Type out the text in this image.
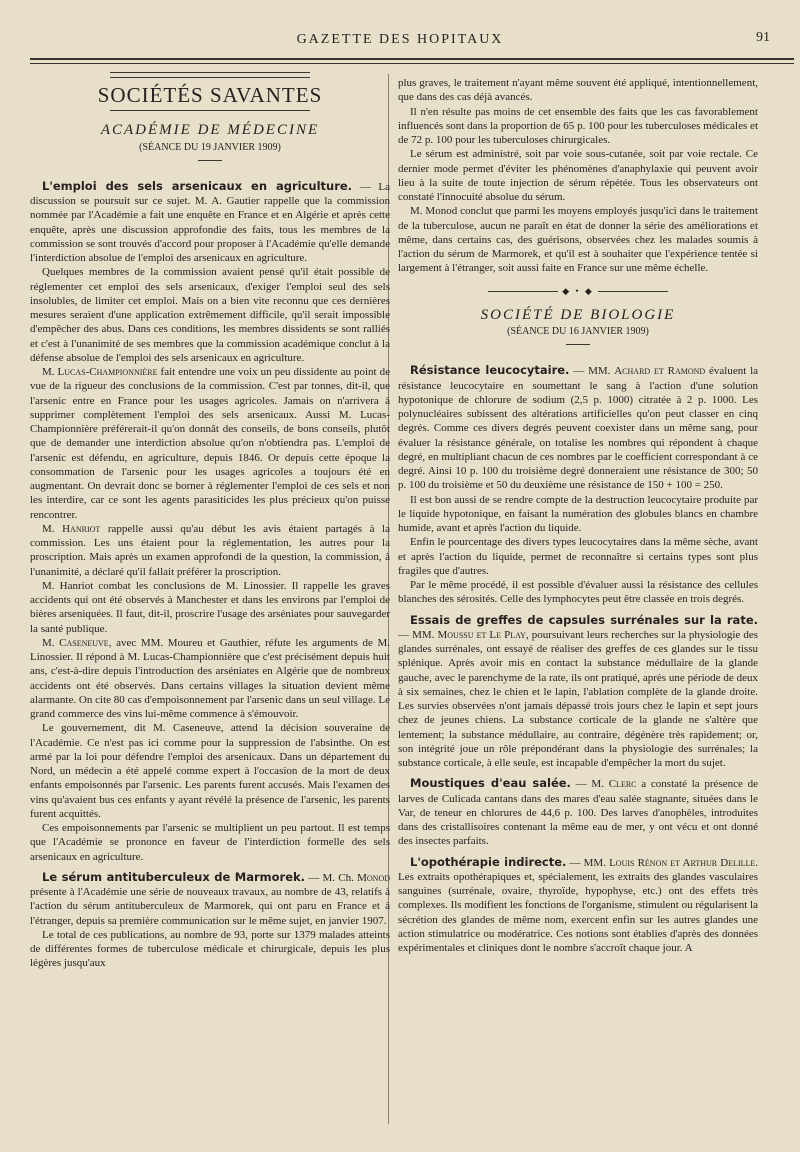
GAZETTE DES HOPITAUX	91
SOCIÉTÉS SAVANTES
ACADÉMIE DE MÉDECINE
(SÉANCE DU 19 JANVIER 1909)

L'emploi des sels arsenicaux en agriculture. — La discussion se poursuit sur ce sujet. M. A. Gautier rappelle que la commission nommée par l'Académie a fait une enquête en France et en Algérie et après cette enquête, après une discussion approfondie des faits, tous les membres de la commission se sont trouvés d'accord pour proposer à l'Académie qu'elle demande l'interdiction absolue de l'emploi des arsenicaux en agriculture.

Quelques membres de la commission avaient pensé qu'il était possible de réglementer cet emploi des sels arsenicaux, d'exiger l'emploi seul des sels insolubles, de limiter cet emploi. Mais on a bien vite reconnu que ces dernières mesures seraient d'une application extrêmement difficile, qu'il serait impossible d'empêcher des abus. Dans ces conditions, les membres dissidents se sont ralliés et c'est à l'unanimité de ses membres que la commission académique conclut à la défense absolue de l'emploi des sels arsenicaux en agriculture.

M. Lucas-Championnière fait entendre une voix un peu dissidente au point de vue de la rigueur des conclusions de la commission. C'est par tonnes, dit-il, que l'arsenic entre en France pour les usages agricoles. Jamais on n'arrivera à supprimer complètement l'emploi des sels arsenicaux. Aussi M. Lucas-Championnière préférerait-il qu'on donnât des conseils, de bons conseils, plutôt que de demander une interdiction absolue qu'on n'obtiendra pas. L'emploi de l'arsenic est défendu, en agriculture, depuis 1846. Or depuis cette époque la consommation de l'arsenic pour les usages agricoles a toujours été en augmentant. On devrait donc se borner à réglementer l'emploi de ces sels et non les interdire, car ce sont les agents parasiticides les plus précieux qu'on puisse rencontrer.

M. Hanriot rappelle aussi qu'au début les avis étaient partagés à la commission. Les uns étaient pour la réglementation, les autres pour la proscription. Mais après un examen approfondi de la question, la commission, à l'unanimité, a déclaré qu'il fallait préférer la proscription.

M. Hanriot combat les conclusions de M. Linossier. Il rappelle les graves accidents qui ont été observés à Manchester et dans les environs par l'emploi de bières arseniquées. Il faut, dit-il, proscrire l'usage des arséniates pour sauvegarder la santé publique.

M. Caseneuve, avec MM. Moureu et Gauthier, réfute les arguments de M. Linossier. Il répond à M. Lucas-Championnière que c'est précisément depuis huit ans, c'est-à-dire depuis l'introduction des arséniates en Algérie que de nombreux accidents ont été observés. Dans certains villages la situation devient même alarmante. On cite 80 cas d'empoisonnement par l'arsenic dans un seul village. Le grand commerce des vins lui-même commence à s'émouvoir.

Le gouvernement, dit M. Caseneuve, attend la décision souveraine de l'Académie. Ce n'est pas ici comme pour la suppression de l'absinthe. On est armé par la loi pour défendre l'emploi des arsenicaux. Dans un département du Nord, un médecin a été appelé comme expert à l'occasion de la mort de deux enfants empoisonnés par l'arsenic. Les parents furent accusés. Mais l'examen des vins qu'avaient bus ces enfants y ayant révélé la présence de l'arsenic, les parents furent acquittés.

Ces empoisonnements par l'arsenic se multiplient un peu partout. Il est temps que l'Académie se prononce en faveur de l'interdiction formelle des sels arsenicaux en agriculture.

Le sérum antituberculeux de Marmorek. — M. Ch. Monod présente à l'Académie une série de nouveaux travaux, au nombre de 43, relatifs à l'action du sérum antituberculeux de Marmorek, qui ont paru en France et à l'étranger, depuis sa première communication sur le même sujet, en janvier 1907.

Le total de ces publications, au nombre de 93, porte sur 1379 malades atteints de différentes formes de tuberculose médicale et chirurgicale, depuis les plus légères jusqu'aux

plus graves, le traitement n'ayant même souvent été appliqué, intentionnellement, que dans des cas déjà avancés.

Il n'en résulte pas moins de cet ensemble des faits que les cas favorablement influencés sont dans la proportion de 65 p. 100 pour les tuberculoses médicales et de 72 p. 100 pour les tuberculoses chirurgicales.

Le sérum est administré, soit par voie sous-cutanée, soit par voie rectale. Ce dernier mode permet d'éviter les phénomènes d'anaphylaxie qui peuvent avoir lieu à la suite de toute injection de sérum répétée. Tous les observateurs ont constaté l'innocuité absolue du sérum.

M. Monod conclut que parmi les moyens employés jusqu'ici dans le traitement de la tuberculose, aucun ne paraît en état de donner la série des améliorations et même, dans certains cas, des guérisons, observées chez les malades soumis à l'action du sérum de Marmorek, et qu'il est à souhaiter que l'expérience tentée si largement à l'étranger, soit aussi faite en France sur une même échelle.

◆ • ◆
SOCIÉTÉ DE BIOLOGIE
(SÉANCE DU 16 JANVIER 1909)

Résistance leucocytaire. — MM. Achard et Ramond évaluent la résistance leucocytaire en soumettant le sang à l'action d'une solution hypotonique de chlorure de sodium (2,5 p. 1000) citratée à 2 p. 1000. Les polynucléaires subissent des altérations artificielles qu'on peut classer en cinq degrés. Comme ces divers degrés peuvent coexister dans un même sang, pour évaluer la résistance générale, on totalise les nombres qui répondent à chaque degré, en multipliant chacun de ces nombres par le coefficient correspondant à ce degré. Ainsi 10 p. 100 du troisième degré donneraient une résistance de 300; 50 p. 100 du troisième et 50 du deuxième une résistance de 150 + 100 = 250.

Il est bon aussi de se rendre compte de la destruction leucocytaire produite par le liquide hypotonique, en faisant la numération des globules blancs en chambre humide, avant et après l'action du liquide.

Enfin le pourcentage des divers types leucocytaires dans la même sèche, avant et après l'action du liquide, permet de reconnaître si certains types sont plus fragiles que d'autres.

Par le même procédé, il est possible d'évaluer aussi la résistance des cellules blanches des sérosités. Celle des lymphocytes peut être classée en trois degrés.

Essais de greffes de capsules surrénales sur la rate. — MM. Moussu et Le Play, poursuivant leurs recherches sur la physiologie des glandes surrénales, ont essayé de réaliser des greffes de ces glandes sur le tissu splénique. Après avoir mis en contact la substance médullaire de la glande gauche, avec le parenchyme de la rate, ils ont pratiqué, après une période de deux à six semaines, chez le chien et le lapin, l'ablation complète de la glande droite. Les survies observées n'ont jamais dépassé trois jours chez le lapin et sept jours chez de jeunes chiens. La substance corticale de la glande ne s'altère que lentement; la substance médullaire, au contraire, dégénère très rapidement; or, son intégrité joue un rôle prépondérant dans la physiologie des surrénales; la substance corticale, à elle seule, est incapable d'empêcher la mort du sujet.

Moustiques d'eau salée. — M. Clerc a constaté la présence de larves de Culicada cantans dans des mares d'eau salée stagnante, situées dans le Var, de teneur en chlorures de 44,6 p. 100. Des larves d'anophèles, introduites dans des cristallisoires contenant la même eau de mer, y ont vécu et ont donné des insectes parfaits.

L'opothérapie indirecte. — MM. Louis Rénon et Arthur Delille. Les extraits opothérapiques et, spécialement, les extraits des glandes vasculaires sanguines (surrénale, ovaire, thyroïde, hypophyse, etc.) ont des effets très complexes. Ils modifient les fonctions de l'organisme, stimulent ou régularisent la sécrétion des glandes de même nom, exercent enfin sur les autres glandes une action stimulatrice ou modératrice. Ces notions sont établies d'après des données expérimentales et cliniques dont le nombre s'accroît chaque jour. A
